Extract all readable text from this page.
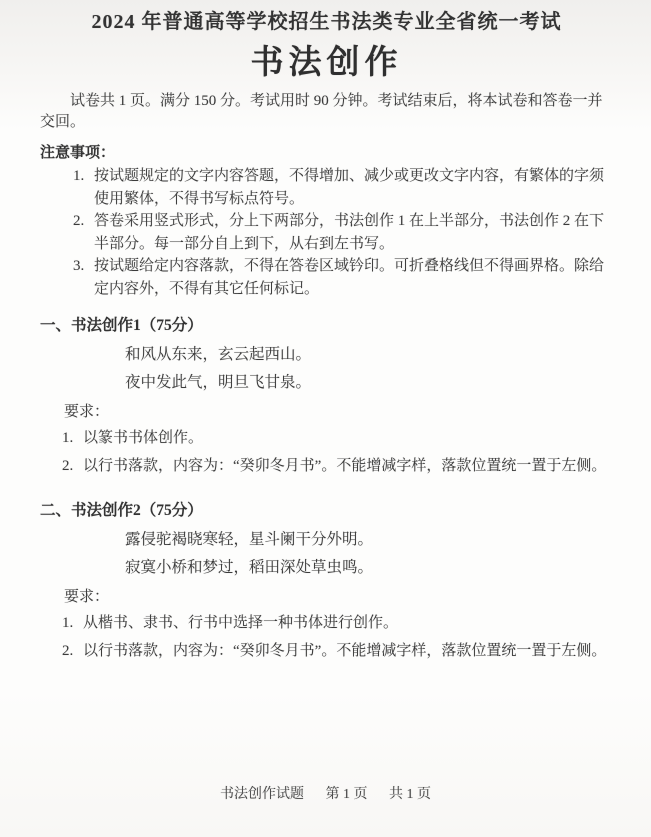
2024 年普通高等学校招生书法类专业全省统一考试
书法创作

试卷共 1 页。满分 150 分。考试用时 90 分钟。考试结束后，将本试卷和答卷一并交回。

注意事项：
1. 按试题规定的文字内容答题，不得增加、减少或更改文字内容，有繁体的字须使用繁体，不得书写标点符号。
2. 答卷采用竖式形式，分上下两部分，书法创作 1 在上半部分，书法创作 2 在下半部分。每一部分自上到下，从右到左书写。
3. 按试题给定内容落款，不得在答卷区域钤印。可折叠格线但不得画界格。除给定内容外，不得有其它任何标记。
一、书法创作1（75分）
和风从东来，玄云起西山。
夜中发此气，明旦飞甘泉。
要求：
1. 以篆书书体创作。
2. 以行书落款，内容为：“癸卯冬月书”。不能增减字样，落款位置统一置于左侧。
二、书法创作2（75分）
露侵驼褐晓寒轻，星斗阑干分外明。
寂寞小桥和梦过，稻田深处草虫鸣。
要求：
1. 从楷书、隶书、行书中选择一种书体进行创作。
2. 以行书落款，内容为：“癸卯冬月书”。不能增减字样，落款位置统一置于左侧。
书法创作试题 第 1 页 共 1 页
